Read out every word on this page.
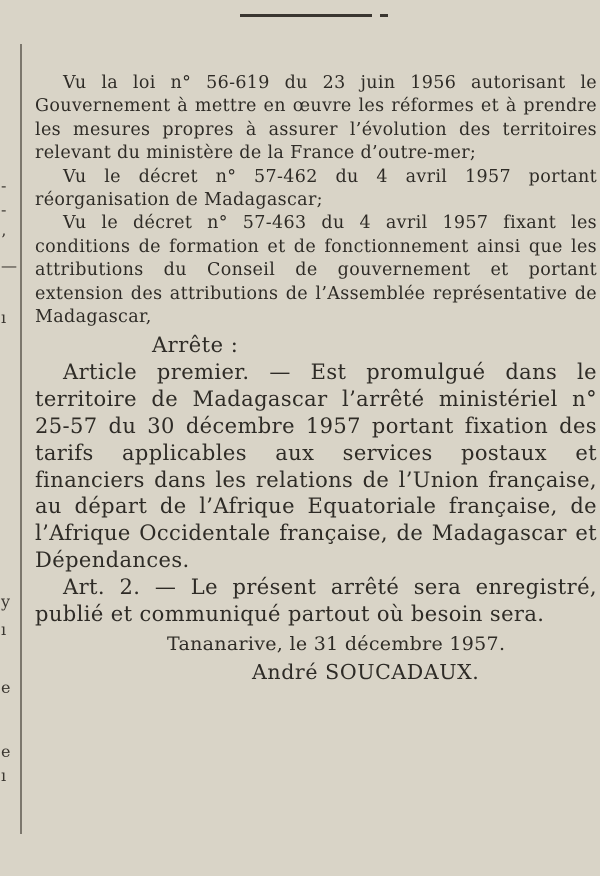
-
-
’
—
ı
y
ı
e
e
ı

Vu la loi n° 56-619 du 23 juin 1956 autorisant le Gouvernement à mettre en œuvre les réformes et à prendre les mesures propres à assurer l’évolution des territoires relevant du ministère de la France d’outre-mer;

Vu le décret n° 57-462 du 4 avril 1957 portant réorganisation de Madagascar;

Vu le décret n° 57-463 du 4 avril 1957 fixant les conditions de formation et de fonctionnement ainsi que les attributions du Conseil de gouvernement et portant extension des attributions de l’Assemblée représentative de Madagascar,

Arrête :

Article premier. — Est promulgué dans le territoire de Madagascar l’arrêté ministériel n° 25-57 du 30 décembre 1957 portant fixation des tarifs applicables aux services postaux et financiers dans les relations de l’Union française, au départ de l’Afrique Equatoriale française, de l’Afrique Occidentale française, de Madagascar et Dépendances.

Art. 2. — Le présent arrêté sera enregistré, publié et communiqué partout où besoin sera.

Tananarive, le 31 décembre 1957.

André SOUCADAUX.
